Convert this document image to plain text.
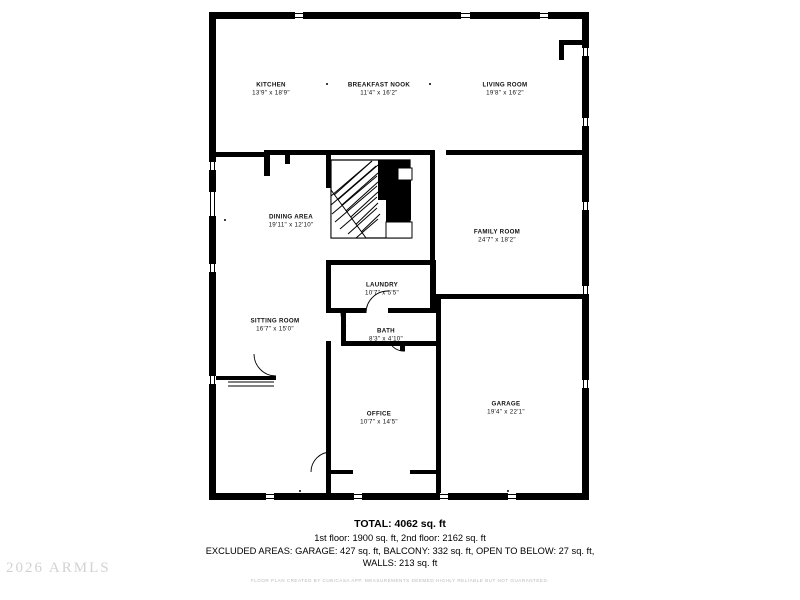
KITCHEN
13'9" x 18'9"
BREAKFAST NOOK
11'4" x 16'2"
LIVING ROOM
19'8" x 16'2"
DINING AREA
19'11" x 12'10"
FAMILY ROOM
24'7" x 18'2"
LAUNDRY
10'7" x 5'5"
SITTING ROOM
16'7" x 15'0"	BATH
8'3" x 4'10"
OFFICE
10'7" x 14'5"
GARAGE
19'4" x 22'1"
TOTAL: 4062 sq. ft
1st floor: 1900 sq. ft, 2nd floor: 2162 sq. ft
EXCLUDED AREAS: GARAGE: 427 sq. ft, BALCONY: 332 sq. ft, OPEN TO BELOW: 27 sq. ft,
WALLS: 213 sq. ft
FLOOR PLAN CREATED BY CUBICASA APP. MEASUREMENTS DEEMED HIGHLY RELIABLE BUT NOT GUARANTEED.
2026 ARMLS
